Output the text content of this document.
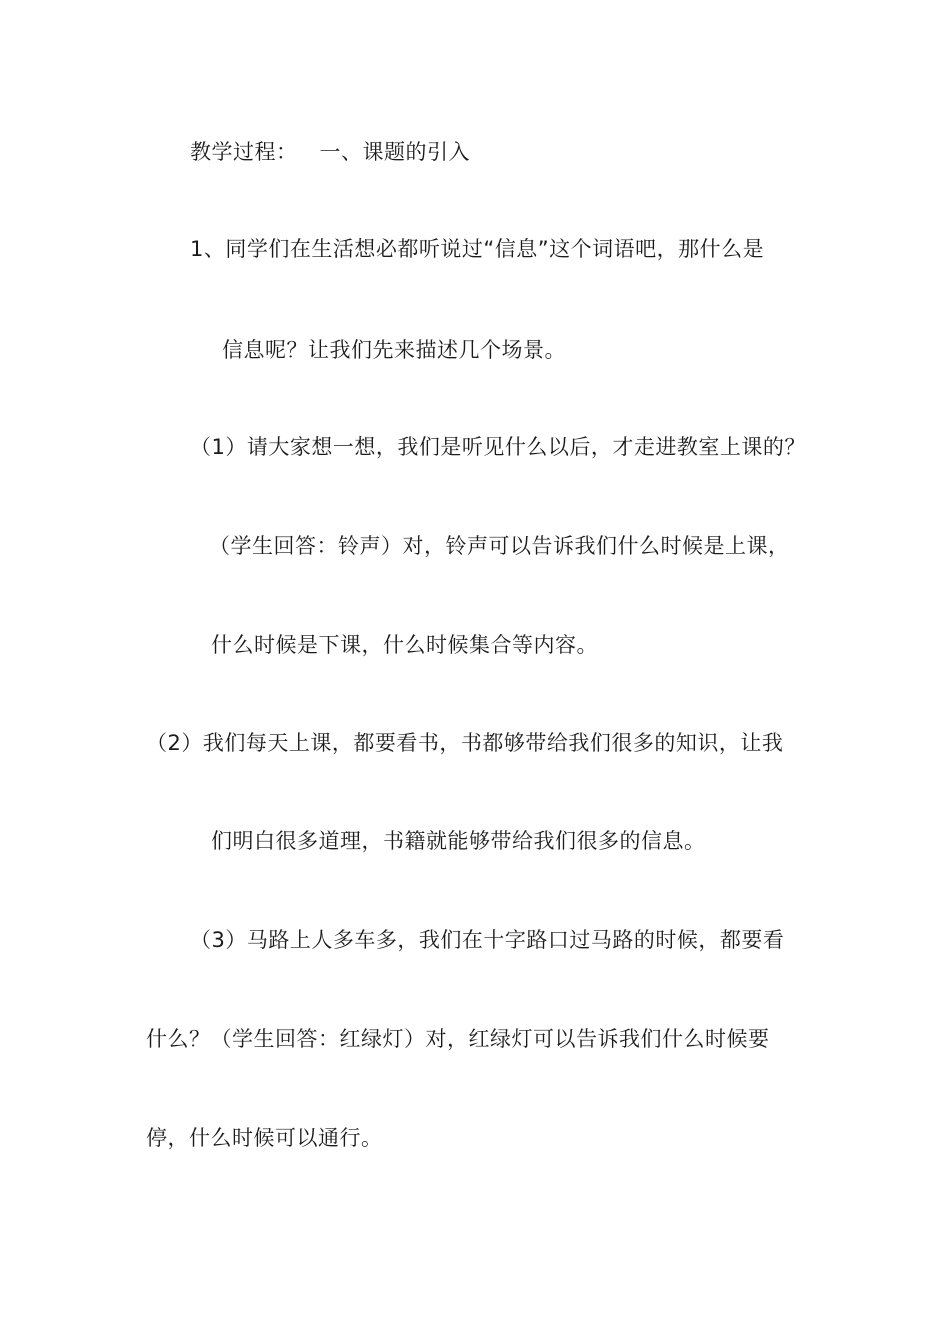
教学过程： 一、课题的引入
1、同学们在生活想必都听说过“信息”这个词语吧，那什么是
信息呢？让我们先来描述几个场景。
（1）请大家想一想，我们是听见什么以后，才走进教室上课的？
（学生回答：铃声）对，铃声可以告诉我们什么时候是上课，
什么时候是下课，什么时候集合等内容。
（2）我们每天上课，都要看书，书都够带给我们很多的知识，让我
们明白很多道理，书籍就能够带给我们很多的信息。
（3）马路上人多车多，我们在十字路口过马路的时候，都要看
什么？（学生回答：红绿灯）对，红绿灯可以告诉我们什么时候要
停，什么时候可以通行。
